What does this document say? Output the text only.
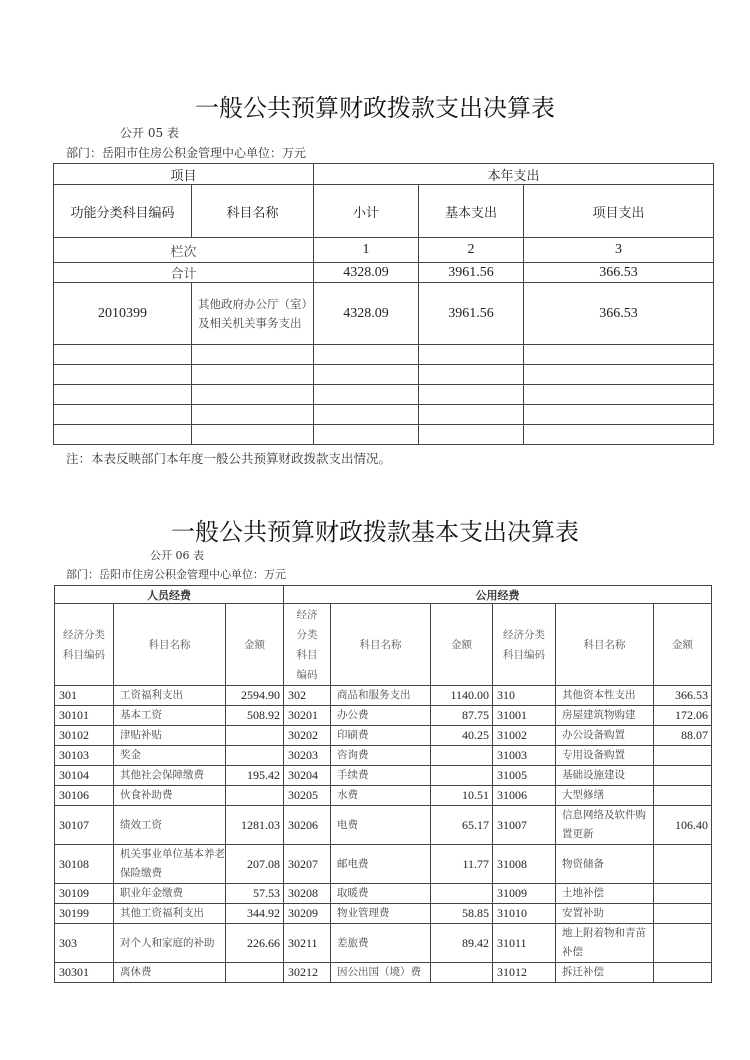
一般公共预算财政拨款支出决算表
公开 05 表
部门：岳阳市住房公积金管理中心单位：万元
项目		本年支出		
功能分类科目编码	科目名称	小计	基本支出	项目支出
栏次		1	2	3
合计		4328.09	3961.56	366.53
2010399	其他政府办公厅（室）及相关机关事务支出	4328.09	3961.56	366.53

注：本表反映部门本年度一般公共预算财政拨款支出情况。
一般公共预算财政拨款基本支出决算表
公开 06 表
部门：岳阳市住房公积金管理中心单位：万元
人员经费			公用经费					
经济分类科目编码	科目名称	金额	经济分类科目编码	科目名称	金额	经济分类科目编码	科目名称	金额
301	工资福利支出	2594.90	302	商品和服务支出	1140.00	310	其他资本性支出	366.53
30101	基本工资	508.92	30201	办公费	87.75	31001	房屋建筑物购建	172.06
30102	津贴补贴		30202	印刷费	40.25	31002	办公设备购置	88.07
30103	奖金		30203	咨询费		31003	专用设备购置	
30104	其他社会保障缴费	195.42	30204	手续费		31005	基础设施建设	
30106	伙食补助费		30205	水费	10.51	31006	大型修缮	
30107	绩效工资	1281.03	30206	电费	65.17	31007	信息网络及软件购置更新	106.40
30108	机关事业单位基本养老保险缴费	207.08	30207	邮电费	11.77	31008	物资储备	
30109	职业年金缴费	57.53	30208	取暖费		31009	土地补偿	
30199	其他工资福利支出	344.92	30209	物业管理费	58.85	31010	安置补助	
303	对个人和家庭的补助	226.66	30211	差旅费	89.42	31011	地上附着物和青苗补偿	
30301	离休费		30212	因公出国（境）费		31012	拆迁补偿	
